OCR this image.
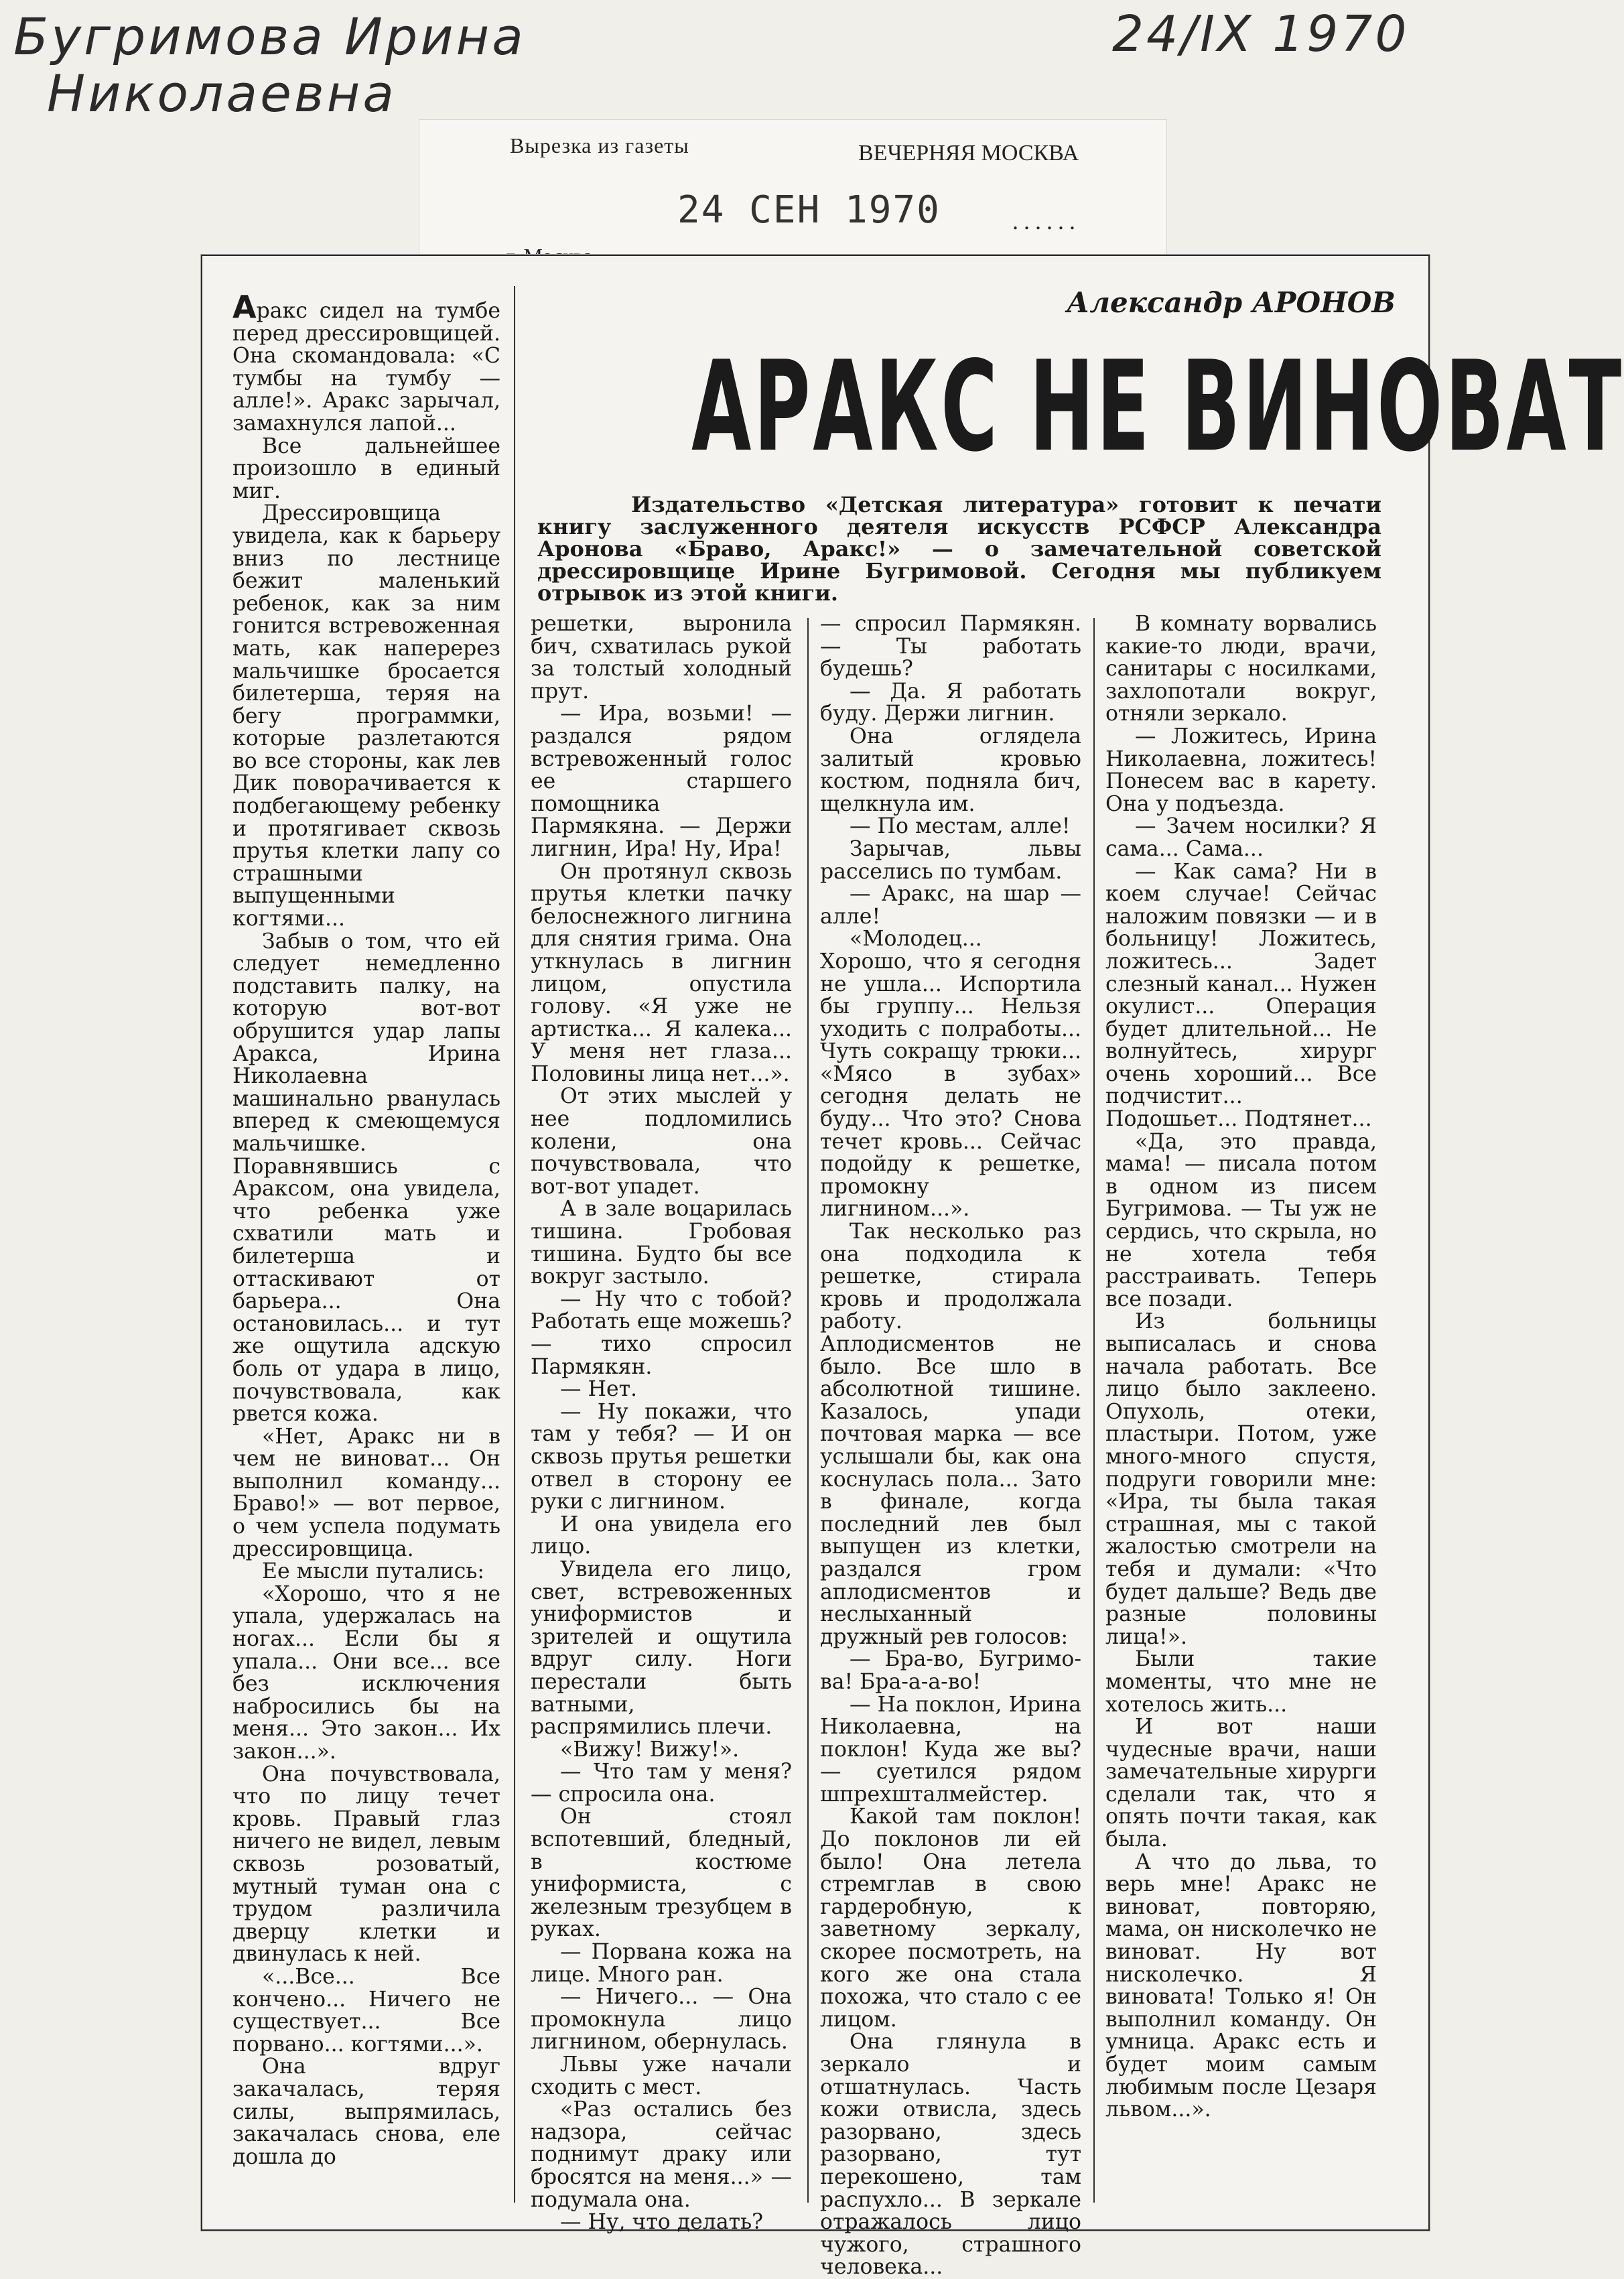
Бугримова Ирина
Николаевна
24/IX 1970
Вырезка из газеты	ВЕЧЕРНЯЯ МОСКВА
24 СЕН 1970	......
Александр АРОНОВ
АРАКС НЕ ВИНОВАТ
Издательство «Детская литература» готовит к печати книгу заслуженного деятеля искусств РСФСР Александра Аронова «Браво, Аракс!» — о замечательной советской дрессировщице Ирине Бугримовой. Сегодня мы публикуем отрывок из этой книги.

Аракс сидел на тумбе перед дрессировщицей. Она скомандовала: «С тумбы на тумбу — алле!». Аракс зарычал, замахнулся лапой...

Все дальнейшее произошло в единый миг.

Дрессировщица увидела, как к барьеру вниз по лестнице бежит маленький ребенок, как за ним гонится встревоженная мать, как наперерез мальчишке бросается билетерша, теряя на бегу программки, которые разлетаются во все стороны, как лев Дик поворачивается к подбегающему ребенку и протягивает сквозь прутья клетки лапу со страшными выпущенными когтями...

Забыв о том, что ей следует немедленно подставить палку, на которую вот-вот обрушится удар лапы Аракса, Ирина Николаевна машинально рванулась вперед к смеющемуся мальчишке. Поравнявшись с Араксом, она увидела, что ребенка уже схватили мать и билетерша и оттаскивают от барьера... Она остановилась... и тут же ощутила адскую боль от удара в лицо, почувствовала, как рвется кожа.

«Нет, Аракс ни в чем не виноват... Он выполнил команду... Браво!» — вот первое, о чем успела подумать дрессировщица.

Ее мысли путались:

«Хорошо, что я не упала, удержалась на ногах... Если бы я упала... Они все... все без исключения набросились бы на меня... Это закон... Их закон...».

Она почувствовала, что по лицу течет кровь. Правый глаз ничего не видел, левым сквозь розоватый, мутный туман она с трудом различила дверцу клетки и двинулась к ней.

«...Все... Все кончено... Ничего не существует... Все порвано... когтями...».

Она вдруг закачалась, теряя силы, выпрямилась, закачалась снова, еле дошла до

решетки, выронила бич, схватилась рукой за толстый холодный прут.

— Ира, возьми! — раздался рядом встревоженный голос ее старшего помощника Пармякяна. — Держи лигнин, Ира! Ну, Ира!

Он протянул сквозь прутья клетки пачку белоснежного лигнина для снятия грима. Она уткнулась в лигнин лицом, опустила голову. «Я уже не артистка... Я калека... У меня нет глаза... Половины лица нет...».

От этих мыслей у нее подломились колени, она почувствовала, что вот-вот упадет.

А в зале воцарилась тишина. Гробовая тишина. Будто бы все вокруг застыло.

— Ну что с тобой? Работать еще можешь? — тихо спросил Пармякян.

— Нет.

— Ну покажи, что там у тебя? — И он сквозь прутья решетки отвел в сторону ее руки с лигнином.

И она увидела его лицо.

Увидела его лицо, свет, встревоженных униформистов и зрителей и ощутила вдруг силу. Ноги перестали быть ватными, распрямились плечи.

«Вижу! Вижу!».

— Что там у меня? — спросила она.

Он стоял вспотевший, бледный, в костюме униформиста, с железным трезубцем в руках.

— Порвана кожа на лице. Много ран.

— Ничего... — Она промокнула лицо лигнином, обернулась.

Львы уже начали сходить с мест.

«Раз остались без надзора, сейчас поднимут драку или бросятся на меня...» — подумала она.

— Ну, что делать?

— спросил Пармякян. — Ты работать будешь?

— Да. Я работать буду. Держи лигнин.

Она оглядела залитый кровью костюм, подняла бич, щелкнула им.

— По местам, алле!

Зарычав, львы расселись по тумбам.

— Аракс, на шар — алле!

«Молодец... Хорошо, что я сегодня не ушла... Испортила бы группу... Нельзя уходить с полработы... Чуть сокращу трюки... «Мясо в зубах» сегодня делать не буду... Что это? Снова течет кровь... Сейчас подойду к решетке, промокну лигнином...».

Так несколько раз она подходила к решетке, стирала кровь и продолжала работу. Аплодисментов не было. Все шло в абсолютной тишине. Казалось, упади почтовая марка — все услышали бы, как она коснулась пола... Зато в финале, когда последний лев был выпущен из клетки, раздался гром аплодисментов и неслыханный дружный рев голосов:

— Бра-во, Бугримо-ва! Бра-а-а-во!

— На поклон, Ирина Николаевна, на поклон! Куда же вы? — суетился рядом шпрехшталмейстер.

Какой там поклон! До поклонов ли ей было! Она летела стремглав в свою гардеробную, к заветному зеркалу, скорее посмотреть, на кого же она стала похожа, что стало с ее лицом.

Она глянула в зеркало и отшатнулась. Часть кожи отвисла, здесь разорвано, здесь разорвано, тут перекошено, там распухло... В зеркале отражалось лицо чужого, страшного человека...

В комнату ворвались какие-то люди, врачи, санитары с носилками, захлопотали вокруг, отняли зеркало.

— Ложитесь, Ирина Николаевна, ложитесь! Понесем вас в карету. Она у подъезда.

— Зачем носилки? Я сама... Сама...

— Как сама? Ни в коем случае! Сейчас наложим повязки — и в больницу! Ложитесь, ложитесь... Задет слезный канал... Нужен окулист... Операция будет длительной... Не волнуйтесь, хирург очень хороший... Все подчистит... Подошьет... Подтянет...

«Да, это правда, мама! — писала потом в одном из писем Бугримова. — Ты уж не сердись, что скрыла, но не хотела тебя расстраивать. Теперь все позади.

Из больницы выписалась и снова начала работать. Все лицо было заклеено. Опухоль, отеки, пластыри. Потом, уже много-много спустя, подруги говорили мне: «Ира, ты была такая страшная, мы с такой жалостью смотрели на тебя и думали: «Что будет дальше? Ведь две разные половины лица!».

Были такие моменты, что мне не хотелось жить...

И вот наши чудесные врачи, наши замечательные хирурги сделали так, что я опять почти такая, как была.

А что до льва, то верь мне! Аракс не виноват, повторяю, мама, он нисколечко не виноват. Ну вот нисколечко. Я виновата! Только я! Он выполнил команду. Он умница. Аракс есть и будет моим самым любимым после Цезаря львом...».
